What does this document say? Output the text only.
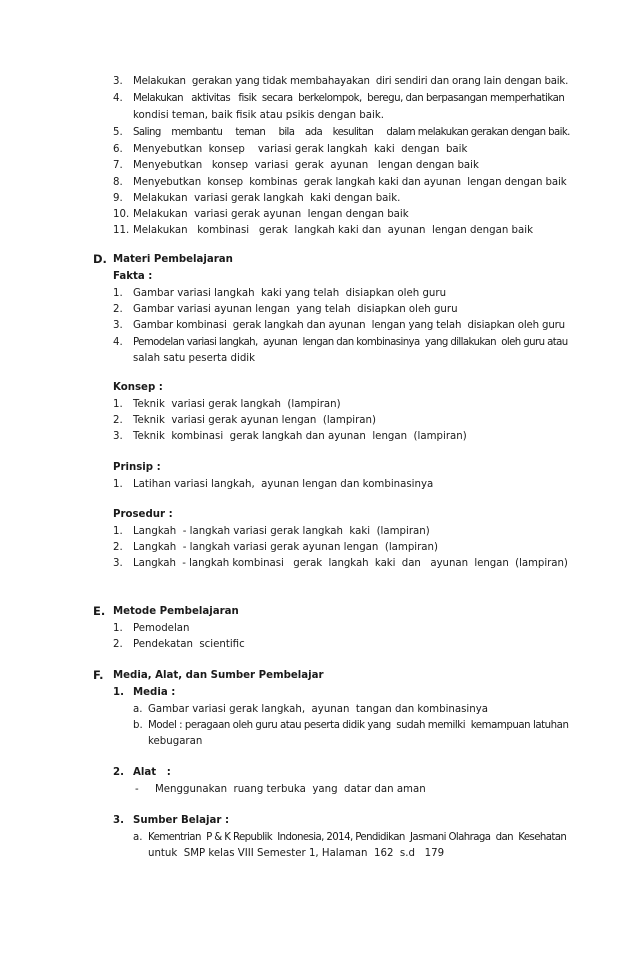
3. Melakukan  gerakan yang tidak membahayakan  diri sendiri dan orang lain dengan baik.
4. Melakukan   aktivitas   fisik  secara  berkelompok,  beregu, dan berpasangan memperhatikan
kondisi teman, baik fisik atau psikis dengan baik.
5. Saling    membantu     teman     bila    ada    kesulitan     dalam melakukan gerakan dengan baik.
6. Menyebutkan  konsep    variasi gerak langkah  kaki  dengan  baik
7. Menyebutkan   konsep  variasi  gerak  ayunan   lengan dengan baik
8. Menyebutkan  konsep  kombinas  gerak langkah kaki dan ayunan  lengan dengan baik
9. Melakukan  variasi gerak langkah  kaki dengan baik.
10. Melakukan  variasi gerak ayunan  lengan dengan baik
11. Melakukan   kombinasi   gerak  langkah kaki dan  ayunan  lengan dengan baik
D. Materi Pembelajaran
Fakta :
1. Gambar variasi langkah  kaki yang telah  disiapkan oleh guru
2. Gambar variasi ayunan lengan  yang telah  disiapkan oleh guru
3. Gambar kombinasi  gerak langkah dan ayunan  lengan yang telah  disiapkan oleh guru
4. Pemodelan variasi langkah,  ayunan  lengan dan kombinasinya  yang dillakukan  oleh guru atau
salah satu peserta didik
Konsep :
1. Teknik  variasi gerak langkah  (lampiran)
2. Teknik  variasi gerak ayunan lengan  (lampiran)
3. Teknik  kombinasi  gerak langkah dan ayunan  lengan  (lampiran)
Prinsip :
1. Latihan variasi langkah,  ayunan lengan dan kombinasinya
Prosedur :
1. Langkah  - langkah variasi gerak langkah  kaki  (lampiran)
2. Langkah  - langkah variasi gerak ayunan lengan  (lampiran)
3. Langkah  - langkah kombinasi   gerak  langkah  kaki  dan   ayunan  lengan  (lampiran)
E. Metode Pembelajaran
1. Pemodelan
2. Pendekatan  scientific
F. Media, Alat, dan Sumber Pembelajar
1. Media :
a. Gambar variasi gerak langkah,  ayunan  tangan dan kombinasinya
b. Model : peragaan oleh guru atau peserta didik yang  sudah memilki  kemampuan latuhan
kebugaran
2. Alat   :
- Menggunakan  ruang terbuka  yang  datar dan aman
3. Sumber Belajar :
a. Kementrian  P & K Republik  Indonesia, 2014, Pendidikan  Jasmani Olahraga  dan  Kesehatan
untuk  SMP kelas VIII Semester 1, Halaman  162  s.d   179
